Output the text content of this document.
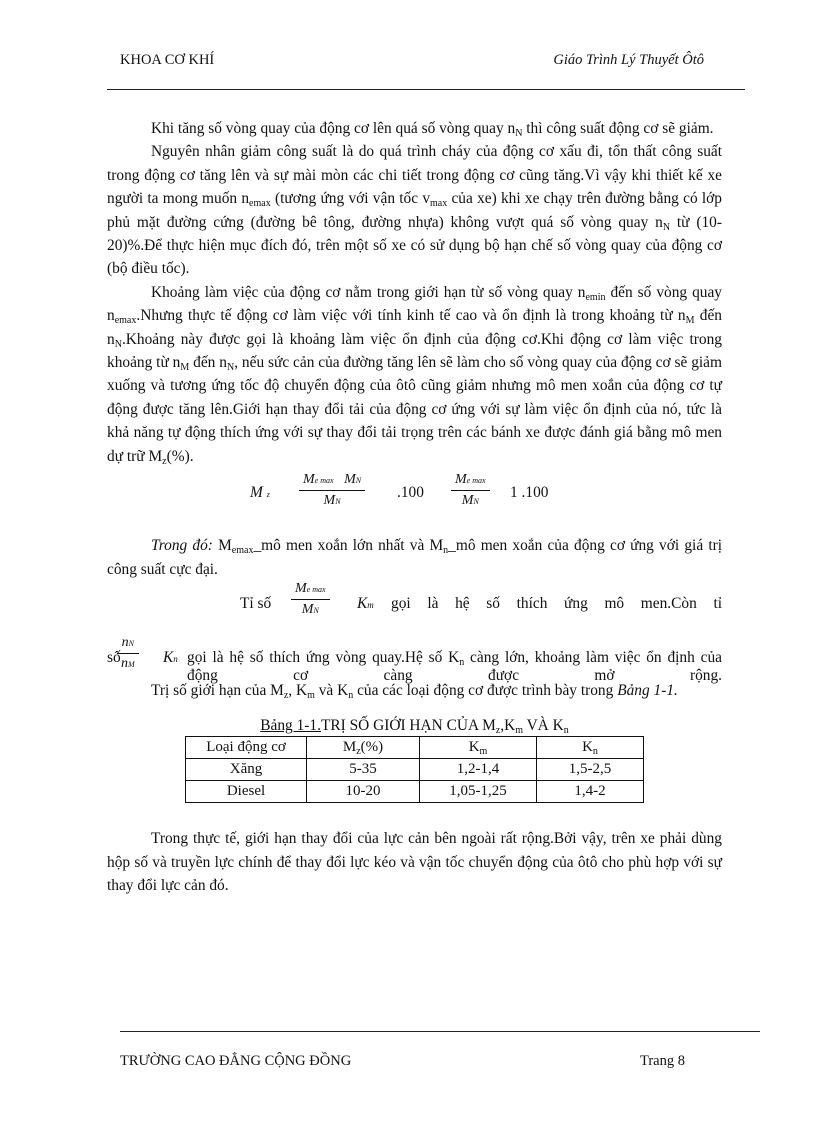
KHOA CƠ KHÍ	Giáo Trình Lý Thuyết Ôtô

Khi tăng số vòng quay của động cơ lên quá số vòng quay $n_N$ thì công suất động cơ sẽ giảm.

Nguyên nhân giảm công suất là do quá trình cháy của động cơ xấu đi, tổn thất công suất trong động cơ tăng lên và sự mài mòn các chi tiết trong động cơ cũng tăng.Vì vậy khi thiết kế xe người ta mong muốn $n_{emax}$ (tương ứng với vận tốc $v_{max}$ của xe) khi xe chạy trên đường bằng có lớp phủ mặt đường cứng (đường bê tông, đường nhựa) không vượt quá số vòng quay $n_N$ từ (10-20)%.Để thực hiện mục đích đó, trên một số xe có sử dụng bộ hạn chế số vòng quay của động cơ (bộ điều tốc).

Khoảng làm việc của động cơ nằm trong giới hạn từ số vòng quay $n_{emin}$ đến số vòng quay $n_{emax}.Nhưng$ thực tế động cơ làm việc với tính kinh tế cao và ổn định là trong khoảng từ $n_M$ đến $n_N.Khoảng$ này được gọi là khoảng làm việc ổn định của động cơ.Khi động cơ làm việc trong khoảng từ $n_M$ đến $n_N$, nếu sức cản của đường tăng lên sẽ làm cho số vòng quay của động cơ sẽ giảm xuống và tương ứng tốc độ chuyển động của ôtô cũng giảm nhưng mô men xoắn của động cơ tự động được tăng lên.Giới hạn thay đổi tải của động cơ ứng với sự làm việc ổn định của nó, tức là khả năng tự động thích ứng với sự thay đổi tải trọng trên các bánh xe được đánh giá bằng mô men dự trữ $M_z(\%)$.

M z
Me max MN
MN
.100
Me max
MN
1 .100

Trong đó: $M_{emax}\_mô$ men xoắn lớn nhất và $M_n\_mô$ men xoắn của động cơ ứng với giá trị công suất cực đại.

Tỉ số
Me max
MN	Km gọi là hệ số thích ứng mô men.Còn tỉ
số
$\frac{nN}{nM}$ Kn gọi là hệ số thích ứng vòng quay.Hệ số $K_n$ càng lớn, khoảng làm việc ổn định của động cơ càng được mở rộng.

Trị số giới hạn của $M_z$, $K_m$ và $K_n$ của các loại động cơ được trình bày trong Bảng 1-1.

Bảng 1-1.TRỊ SỐ GIỚI HẠN CỦA $M_z,K_m$ VÀ $K_n$

Loại động cơ	$M_z(\%)$	$K_m$	$K_n$
Xăng	5-35	1,2-1,4	1,5-2,5
Diesel	10-20	1,05-1,25	1,4-2

Trong thực tế, giới hạn thay đổi của lực cản bên ngoài rất rộng.Bởi vậy, trên xe phải dùng hộp số và truyền lực chính để thay đổi lực kéo và vận tốc chuyển động của ôtô cho phù hợp với sự thay đổi lực cản đó.

TRƯỜNG CAO ĐẲNG CỘNG ĐỒNG	Trang 8
